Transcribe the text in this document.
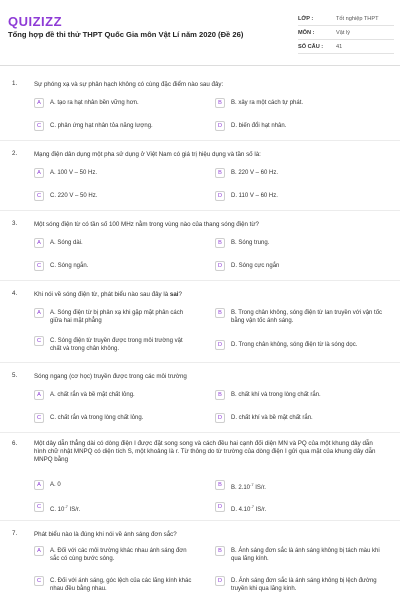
QUIZIZZ
Tổng hợp đề thi thử THPT Quốc Gia môn Vật Lí năm 2020 (Đề 26)
LỚP :	Tốt nghiệp THPT
MÔN :	Vật lý
SỐ CÂU :	41
1.	Sự phóng xạ và sự phân hạch không có cùng đặc điểm nào sau đây:
A	A. tạo ra hạt nhân bền vững hơn.	B	B. xảy ra một cách tự phát.
C	C. phản ứng hạt nhân tỏa năng lượng.	D	D. biến đổi hạt nhân.
2.	Mạng điện dân dụng một pha sử dụng ở Việt Nam có giá trị hiệu dụng và tần số là:
A	A. 100 V – 50 Hz.	B	B. 220 V – 60 Hz.
C	C. 220 V – 50 Hz.	D	D. 110 V – 60 Hz.
3.	Một sóng điện từ có tần số 100 MHz nằm trong vùng nào của thang sóng điện từ?
A	A. Sóng dài.	B	B. Sóng trung.
C	C. Sóng ngắn.	D	D. Sóng cực ngắn
4.	Khi nói về sóng điện từ, phát biểu nào sau đây là sai?
A	A. Sóng điện từ bị phản xạ khi gặp mặt phân cách giữa hai mặt phẳng
B	B. Trong chân không, sóng điện từ lan truyền với vận tốc bằng vận tốc ánh sáng.
C	C. Sóng điện từ truyền được trong môi trường vật chất và trong chân không.
D	D. Trong chân không, sóng điện từ là sóng dọc.
5.	Sóng ngang (cơ học) truyền được trong các môi trường
A	A. chất rắn và bề mặt chất lỏng.	B	B. chất khí và trong lòng chất rắn.
C	C. chất rắn và trong lòng chất lỏng.	D	D. chất khí và bề mặt chất rắn.
6.	Một dây dẫn thẳng dài có dòng điện I được đặt song song và cách đều hai cạnh đối diện MN và PQ của một khung dây dẫn hình chữ nhật MNPQ có diện tích S, một khoảng là r. Từ thông do từ trường của dòng điện I gửi qua mặt của khung dây dẫn MNPQ bằng
A	A. 0	B	B. $2.10^{-7}$ IS/r.
C	C. $10^{-7}$ IS/r.	D	D. $4.10^{-7}$ IS/r.
7.	Phát biểu nào là đúng khi nói về ánh sáng đơn sắc?
A	A. Đối với các môi trường khác nhau ánh sáng đơn sắc có cùng bước sóng.
B	B. Ánh sáng đơn sắc là ánh sáng không bị tách màu khi qua lăng kính.
C	C. Đối với ánh sáng, góc lệch của các lăng kính khác nhau đều bằng nhau.
D	D. Ánh sáng đơn sắc là ánh sáng không bị lệch đường truyền khi qua lăng kính.
